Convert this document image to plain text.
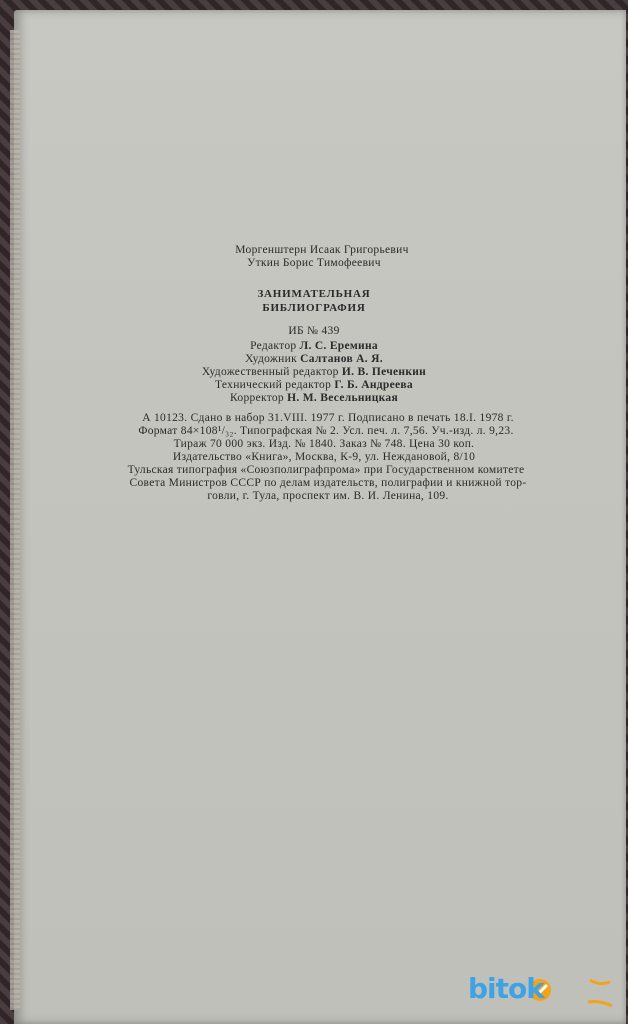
Моргенштерн Исаак Григорьевич
Уткин Борис Тимофеевич
ЗАНИМАТЕЛЬНАЯ
БИБЛИОГРАФИЯ
ИБ № 439
Редактор Л. С. Еремина
Художник Салтанов А. Я.
Художественный редактор И. В. Печенкин
Технический редактор Г. Б. Андреева
Корректор Н. М. Весельницкая
А 10123. Сдано в набор 31.VIII. 1977 г. Подписано в печать 18.I. 1978 г.
Формат 84×108¹/₃₂. Типографская № 2. Усл. печ. л. 7,56. Уч.-изд. л. 9,23.
Тираж 70 000 экз. Изд. № 1840. Заказ № 748. Цена 30 коп.
Издательство «Книга», Москва, К-9, ул. Неждановой, 8/10
Тульская типография «Союзполиграфпрома» при Государственном комитете
Совета Министров СССР по делам издательств, полиграфии и книжной тор-
говли, г. Тула, проспект им. В. И. Ленина, 109.
bitok
